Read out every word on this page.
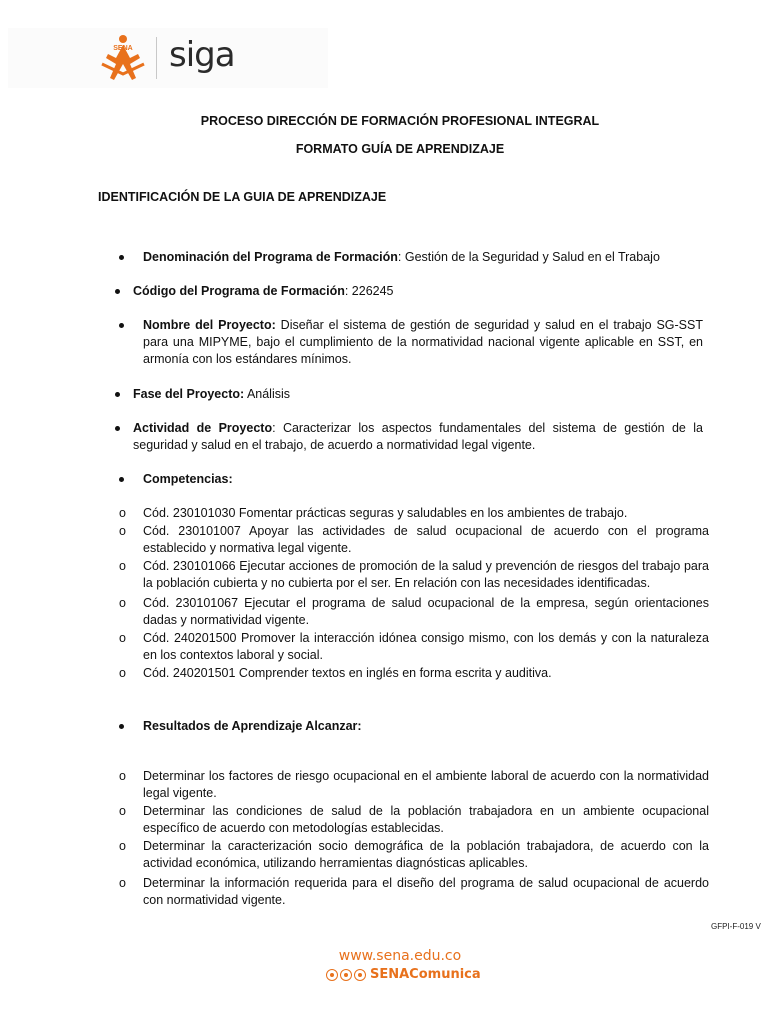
SENA siga

PROCESO DIRECCIÓN DE FORMACIÓN PROFESIONAL INTEGRAL

FORMATO GUÍA DE APRENDIZAJE

IDENTIFICACIÓN DE LA GUIA DE APRENDIZAJE
Denominación del Programa de Formación: Gestión de la Seguridad y Salud en el Trabajo
Código del Programa de Formación: 226245
Nombre del Proyecto: Diseñar el sistema de gestión de seguridad y salud en el trabajo SG-SST para una MIPYME, bajo el cumplimiento de la normatividad nacional vigente aplicable en SST, en armonía con los estándares mínimos.
Fase del Proyecto: Análisis
Actividad de Proyecto: Caracterizar los aspectos fundamentales del sistema de gestión de la seguridad y salud en el trabajo, de acuerdo a normatividad legal vigente.
Competencias:
o Cód. 230101030 Fomentar prácticas seguras y saludables en los ambientes de trabajo.
o Cód. 230101007 Apoyar las actividades de salud ocupacional de acuerdo con el programa establecido y normativa legal vigente.
o Cód. 230101066 Ejecutar acciones de promoción de la salud y prevención de riesgos del trabajo para la población cubierta y no cubierta por el ser. En relación con las necesidades identificadas.
o Cód. 230101067 Ejecutar el programa de salud ocupacional de la empresa, según orientaciones dadas y normatividad vigente.
o Cód. 240201500 Promover la interacción idónea consigo mismo, con los demás y con la naturaleza en los contextos laboral y social.
o Cód. 240201501 Comprender textos en inglés en forma escrita y auditiva.
Resultados de Aprendizaje Alcanzar:
o Determinar los factores de riesgo ocupacional en el ambiente laboral de acuerdo con la normatividad legal vigente.
o Determinar las condiciones de salud de la población trabajadora en un ambiente ocupacional específico de acuerdo con metodologías establecidas.
o Determinar la caracterización socio demográfica de la población trabajadora, de acuerdo con la actividad económica, utilizando herramientas diagnósticas aplicables.
o Determinar la información requerida para el diseño del programa de salud ocupacional de acuerdo con normatividad vigente.
GFPI-F-019 V
www.sena.edu.co
SENAComunica
